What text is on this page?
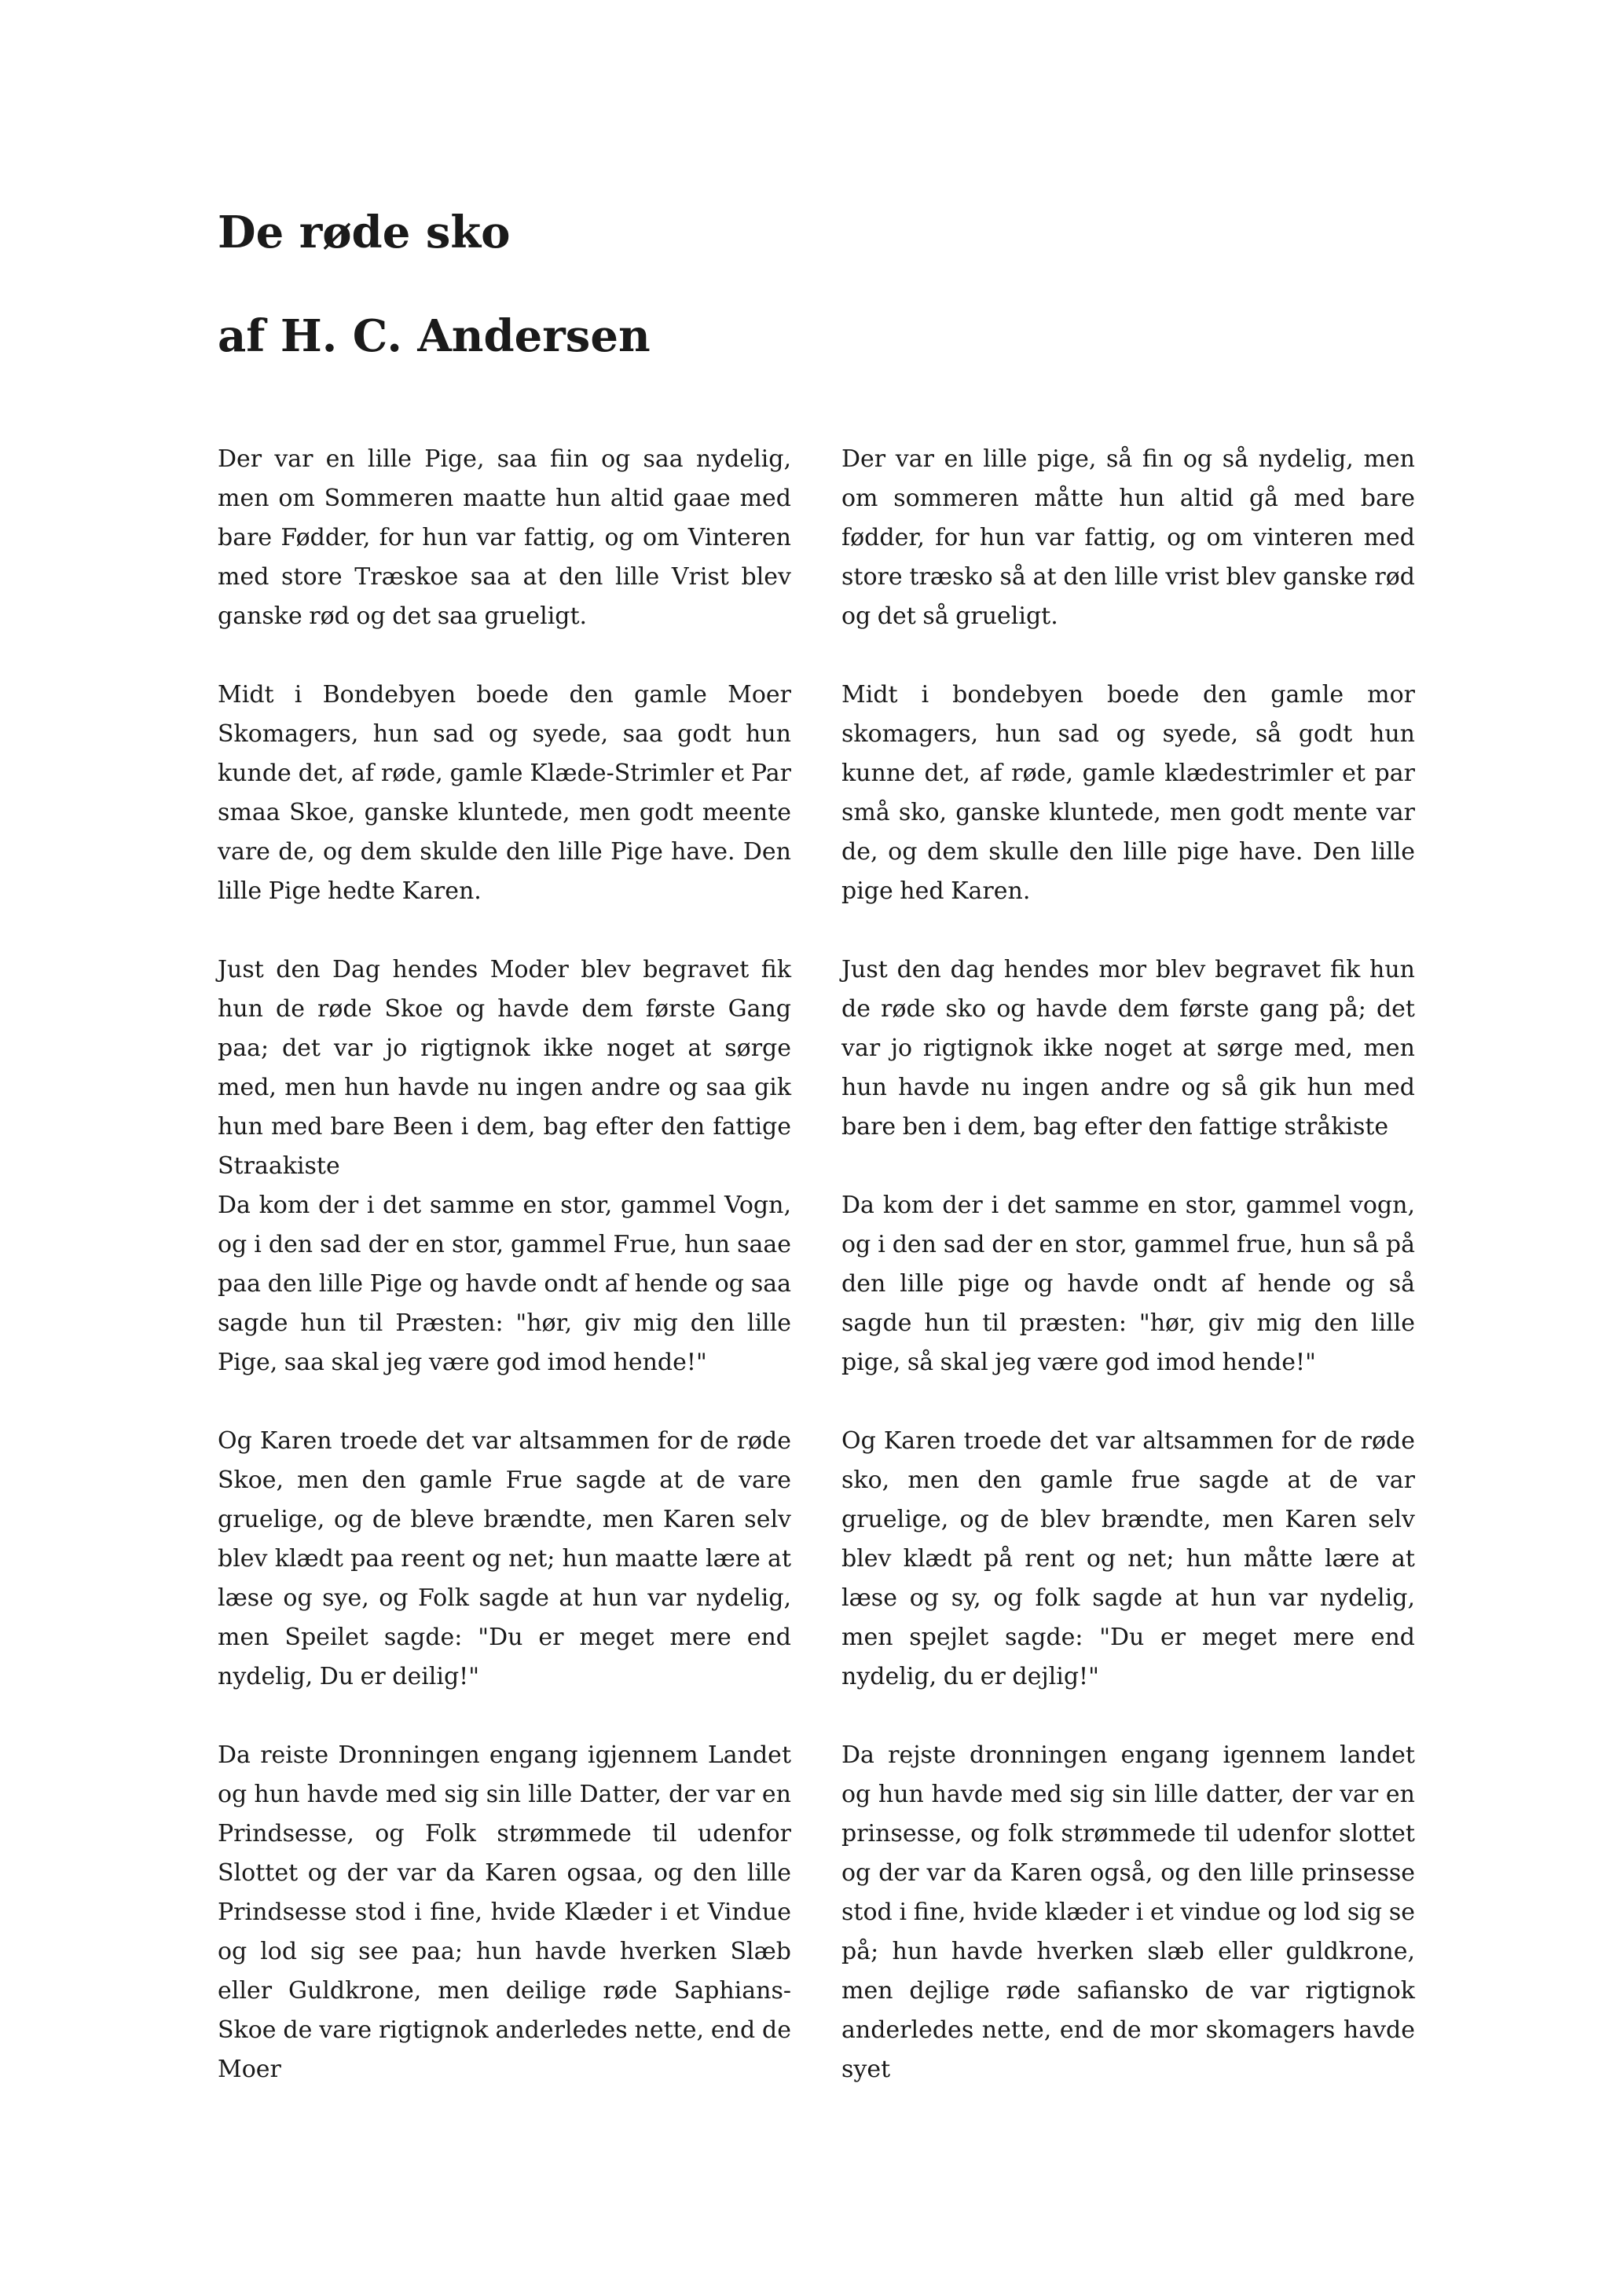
De røde sko
af H. C. Andersen

Der var en lille Pige, saa fiin og saa nydelig, men om Sommeren maatte hun altid gaae med bare Fødder, for hun var fattig, og om Vinteren med store Træskoe saa at den lille Vrist blev ganske rød og det saa grueligt.

Midt i Bondebyen boede den gamle Moer Skomagers, hun sad og syede, saa godt hun kunde det, af røde, gamle Klæde-Strimler et Par smaa Skoe, ganske kluntede, men godt meente vare de, og dem skulde den lille Pige have. Den lille Pige hedte Karen.

Just den Dag hendes Moder blev begravet fik hun de røde Skoe og havde dem første Gang paa; det var jo rigtignok ikke noget at sørge med, men hun havde nu ingen andre og saa gik hun med bare Been i dem, bag efter den fattige Straakiste

Da kom der i det samme en stor, gammel Vogn, og i den sad der en stor, gammel Frue, hun saae paa den lille Pige og havde ondt af hende og saa sagde hun til Præsten: "hør, giv mig den lille Pige, saa skal jeg være god imod hende!"

Og Karen troede det var altsammen for de røde Skoe, men den gamle Frue sagde at de vare gruelige, og de bleve brændte, men Karen selv blev klædt paa reent og net; hun maatte lære at læse og sye, og Folk sagde at hun var nydelig, men Speilet sagde: "Du er meget mere end nydelig, Du er deilig!"

Da reiste Dronningen engang igjennem Landet og hun havde med sig sin lille Datter, der var en Prindsesse, og Folk strømmede til udenfor Slottet og der var da Karen ogsaa, og den lille Prindsesse stod i fine, hvide Klæder i et Vindue og lod sig see paa; hun havde hverken Slæb eller Guldkrone, men deilige røde Saphians-Skoe de vare rigtignok anderledes nette, end de Moer

Der var en lille pige, så fin og så nydelig, men om sommeren måtte hun altid gå med bare fødder, for hun var fattig, og om vinteren med store træsko så at den lille vrist blev ganske rød og det så grueligt.

Midt i bondebyen boede den gamle mor skomagers, hun sad og syede, så godt hun kunne det, af røde, gamle klædestrimler et par små sko, ganske kluntede, men godt mente var de, og dem skulle den lille pige have. Den lille pige hed Karen.

Just den dag hendes mor blev begravet fik hun de røde sko og havde dem første gang på; det var jo rigtignok ikke noget at sørge med, men hun havde nu ingen andre og så gik hun med bare ben i dem, bag efter den fattige stråkiste

Da kom der i det samme en stor, gammel vogn, og i den sad der en stor, gammel frue, hun så på den lille pige og havde ondt af hende og så sagde hun til præsten: "hør, giv mig den lille pige, så skal jeg være god imod hende!"

Og Karen troede det var altsammen for de røde sko, men den gamle frue sagde at de var gruelige, og de blev brændte, men Karen selv blev klædt på rent og net; hun måtte lære at læse og sy, og folk sagde at hun var nydelig, men spejlet sagde: "Du er meget mere end nydelig, du er dejlig!"

Da rejste dronningen engang igennem landet og hun havde med sig sin lille datter, der var en prinsesse, og folk strømmede til udenfor slottet og der var da Karen også, og den lille prinsesse stod i fine, hvide klæder i et vindue og lod sig se på; hun havde hverken slæb eller guldkrone, men dejlige røde safiansko de var rigtignok anderledes nette, end de mor skomagers havde syet
